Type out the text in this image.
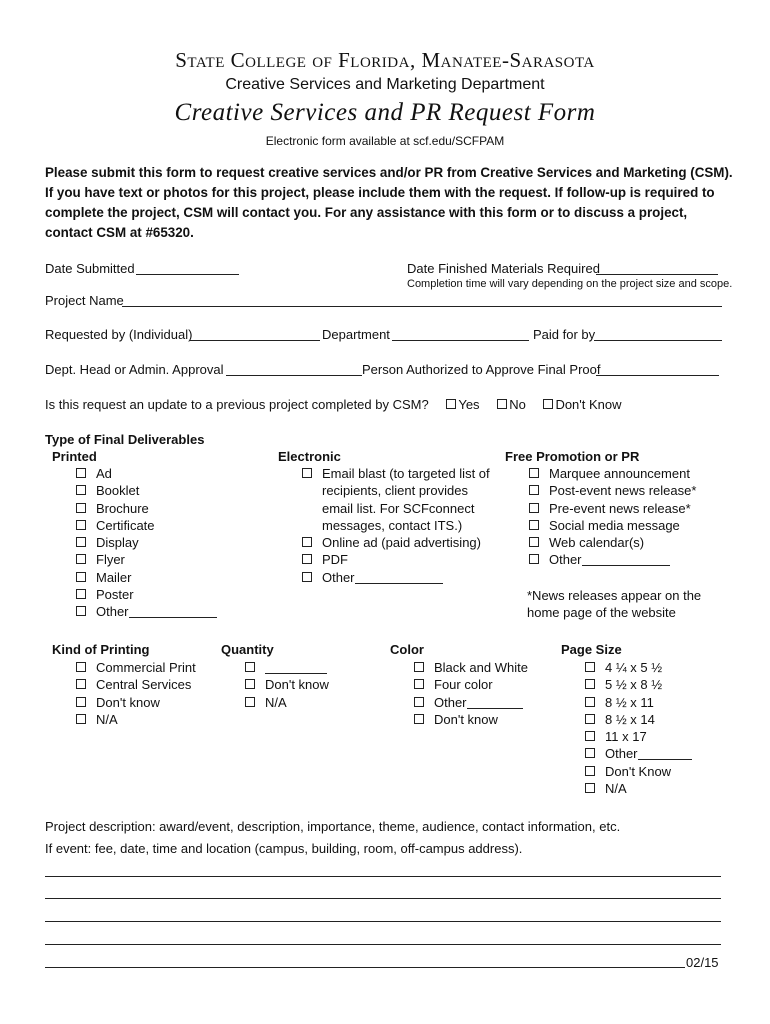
State College of Florida, Manatee-Sarasota
Creative Services and Marketing Department
Creative Services and PR Request Form
Electronic form available at scf.edu/SCFPAM
Please submit this form to request creative services and/or PR from Creative Services and Marketing (CSM). If you have text or photos for this project, please include them with the request. If follow-up is required to complete the project, CSM will contact you. For any assistance with this form or to discuss a project, contact CSM at #65320.
Date Submitted	Date Finished Materials Required
Completion time will vary depending on the project size and scope.
Project Name
Requested by (Individual)	Department	Paid for by
Dept. Head or Admin. Approval	Person Authorized to Approve Final Proof
Is this request an update to a previous project completed by CSM? Yes No Don't Know
Type of Final Deliverables
Printed	Electronic	Free Promotion or PR
Ad
Booklet
Brochure
Certificate
Display
Flyer
Mailer
Poster
Other
Email blast (to targeted list of
recipients, client provides
email list. For SCFconnect
messages, contact ITS.)
Online ad (paid advertising)
PDF
Other
Marquee announcement
Post-event news release*
Pre-event news release*
Social media message
Web calendar(s)
Other
*News releases appear on the
home page of the website
Kind of Printing	Quantity	Color	Page Size
Commercial Print
Central Services
Don't know
N/A
Don't know
N/A
Black and White
Four color
Other
Don't know
4 ¼ x 5 ½
5 ½ x 8 ½
8 ½ x 11
8 ½ x 14
11 x 17
Other
Don't Know
N/A
Project description: award/event, description, importance, theme, audience, contact information, etc.
If event: fee, date, time and location (campus, building, room, off-campus address).
02/15
